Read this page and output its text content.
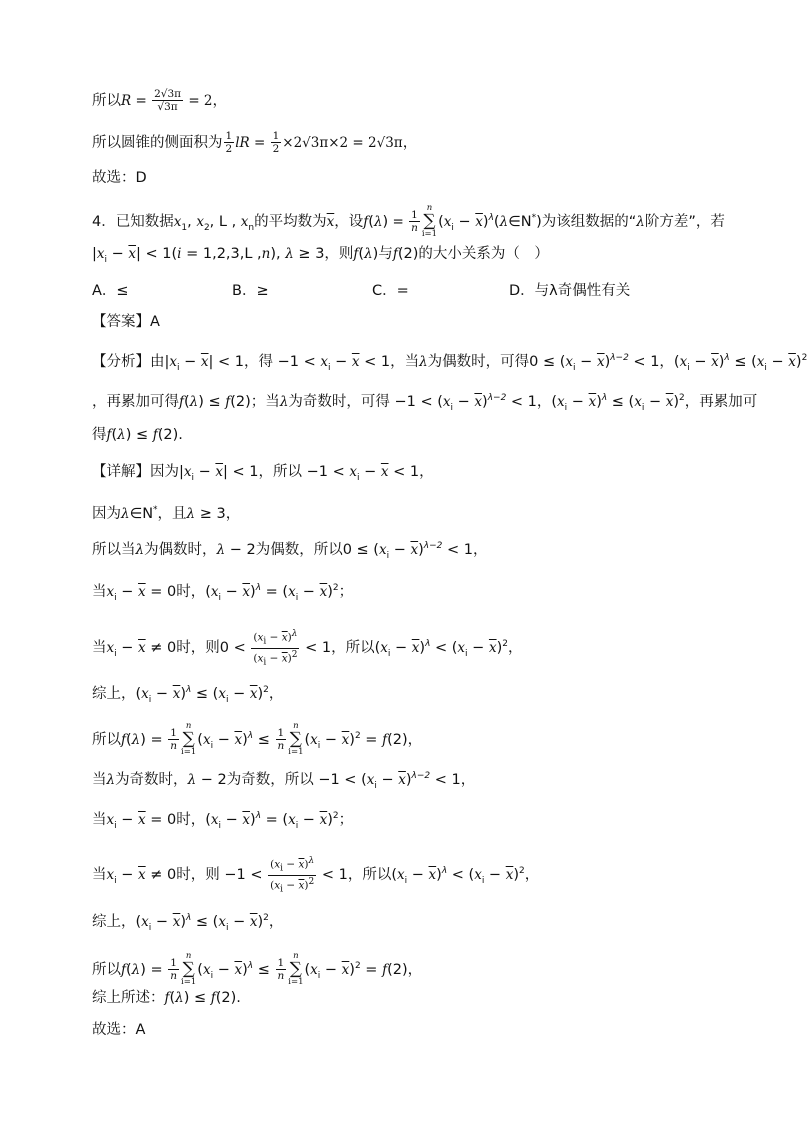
所以$R = \frac{2√3\pi}{√3\pi} = 2$，
所以圆锥的侧面积为 $\frac{1}{2}$ lR = $\frac{1}{2} \times 2√3\pi\times 2 = 2√3\pi$，
故选：D
4．已知数据$x_1$, $x_2$, L , $x_n$的平均数为$\overline{x}$，设$f(\lambda) = \frac{1}{n}$
n
∑
i=1
($x_i$ − $\overline{x})^\lambda(\lambda\in N^*)$为该组数据的“λ阶方差”，若
$|x_i - \overline{x}| < 1(i = 1,2,3,L$ ,n), λ ≥ 3，则f(λ)与f(2)的大小关系为（　）
A．≤	B．≥	C．=	D．与λ奇偶性有关
【答案】A
【分析】由$|x_i - \overline{x}| < 1$，得 $-1 < x_i - \overline{x} < 1$，当λ为偶数时，可得$0 \le (x_i - \overline{x})^{\lambda-2} < 1$，$(x_i - \overline{x})^\lambda \le (x_i - \overline{x})^2$
，再累加可得f(λ) ≤ f(2)；当λ为奇数时，可得 $-1 < (x_i - \overline{x})^{\lambda-2} < 1$，$(x_i - \overline{x})^\lambda \le (x_i - \overline{x})^2$，再累加可
得f(λ) ≤ f(2).
【详解】因为$|x_i - \overline{x}| < 1$，所以 $-1 < x_i - \overline{x} < 1$，
因为λ∈N*，且λ ≥ 3，
所以当λ为偶数时，λ − 2为偶数，所以$0 \le (x_i - \overline{x})^{\lambda-2} < 1$，
当$x_i - \overline{x} = 0$时，$(x_i - \overline{x})^\lambda = (x_i - \overline{x})^2$；
当$x_i - \overline{x} \ne 0$时，则$0 < \frac{(x_i - \overline{x})^\lambda}{(x_i - \overline{x})^2} < 1$，所以$(x_i - \overline{x})^\lambda < (x_i - \overline{x})^2$，
综上，$(x_i - \overline{x})^\lambda \le (x_i - \overline{x})^2$，
所以$f(\lambda) = \frac{1}{n}$
n
∑
i=1
$(x_i - \overline{x})^\lambda \le \frac{1}{n}$
n
∑
i=1
$(x_i - \overline{x})^2 = f(2)$，
当λ为奇数时，λ − 2为奇数，所以 $-1 < (x_i - \overline{x})^{\lambda-2} < 1$，
当$x_i - \overline{x} = 0$时，$(x_i - \overline{x})^\lambda = (x_i - \overline{x})^2$；
当$x_i - \overline{x} \ne 0$时，则 $-1 < \frac{(x_i - \overline{x})^\lambda}{(x_i - \overline{x})^2} < 1$，所以$(x_i - \overline{x})^\lambda < (x_i - \overline{x})^2$，
综上，$(x_i - \overline{x})^\lambda \le (x_i - \overline{x})^2$，
所以$f(\lambda) = \frac{1}{n}$
n
∑
i=1
$(x_i - \overline{x})^\lambda \le \frac{1}{n}$
n
∑
i=1
$(x_i - \overline{x})^2 = f(2)$，
综上所述：f(λ) ≤ f(2).
故选：A
